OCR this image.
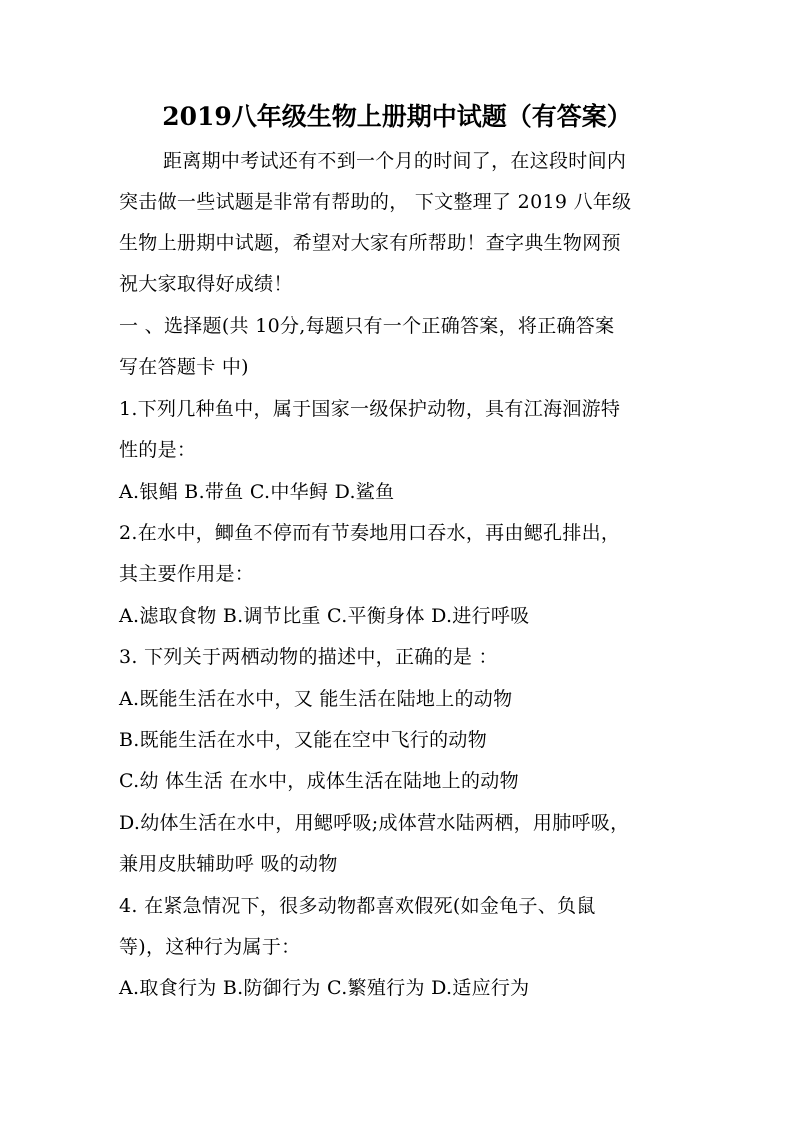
2019八年级生物上册期中试题（有答案）
距离期中考试还有不到一个月的时间了，在这段时间内
突击做一些试题是非常有帮助的， 下文整理了 2019 八年级
生物上册期中试题，希望对大家有所帮助！查字典生物网预
祝大家取得好成绩！
一 、选择题(共 10分,每题只有一个正确答案，将正确答案
写在答题卡 中)
1.下列几种鱼中，属于国家一级保护动物，具有江海洄游特
性的是：
A.银鲳 B.带鱼 C.中华鲟 D.鲨鱼
2.在水中，鲫鱼不停而有节奏地用口吞水，再由鳃孔排出，
其主要作用是：
A.滤取食物 B.调节比重 C.平衡身体 D.进行呼吸
3. 下列关于两栖动物的描述中，正确的是 ：
A.既能生活在水中，又 能生活在陆地上的动物
B.既能生活在水中，又能在空中飞行的动物
C.幼 体生活 在水中，成体生活在陆地上的动物
D.幼体生活在水中，用鳃呼吸;成体营水陆两栖，用肺呼吸，
兼用皮肤辅助呼 吸的动物
4. 在紧急情况下，很多动物都喜欢假死(如金龟子、负鼠
等)，这种行为属于：
A.取食行为 B.防御行为 C.繁殖行为 D.适应行为
